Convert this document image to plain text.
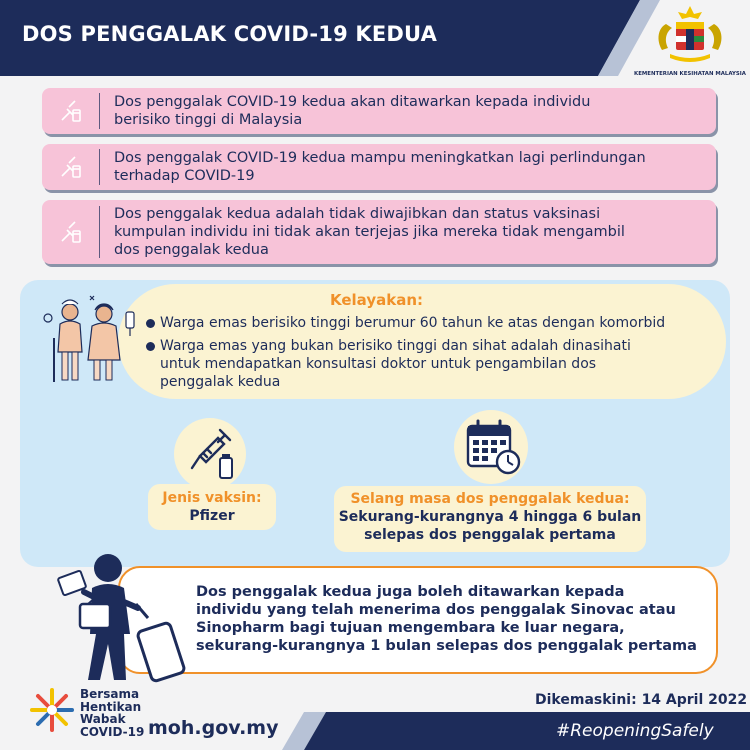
DOS PENGGALAK COVID-19 KEDUA
KEMENTERIAN KESIHATAN MALAYSIA
Dos penggalak COVID-19 kedua akan ditawarkan kepada individu
berisiko tinggi di Malaysia
Dos penggalak COVID-19 kedua mampu meningkatkan lagi perlindungan
terhadap COVID-19
Dos penggalak kedua adalah tidak diwajibkan dan status vaksinasi
kumpulan individu ini tidak akan terjejas jika mereka tidak mengambil
dos penggalak kedua
Kelayakan:
Warga emas berisiko tinggi berumur 60 tahun ke atas dengan komorbid
Warga emas yang bukan berisiko tinggi dan sihat adalah dinasihati
untuk mendapatkan konsultasi doktor untuk pengambilan dos
penggalak kedua
Jenis vaksin:
Pfizer
Selang masa dos penggalak kedua:
Sekurang-kurangnya 4 hingga 6 bulan
selepas dos penggalak pertama
Dos penggalak kedua juga boleh ditawarkan kepada
individu yang telah menerima dos penggalak Sinovac atau
Sinopharm bagi tujuan mengembara ke luar negara,
sekurang-kurangnya 1 bulan selepas dos penggalak pertama
Bersama
Hentikan
Wabak
COVID-19 moh.gov.my
Dikemaskini: 14 April 2022
#ReopeningSafely
